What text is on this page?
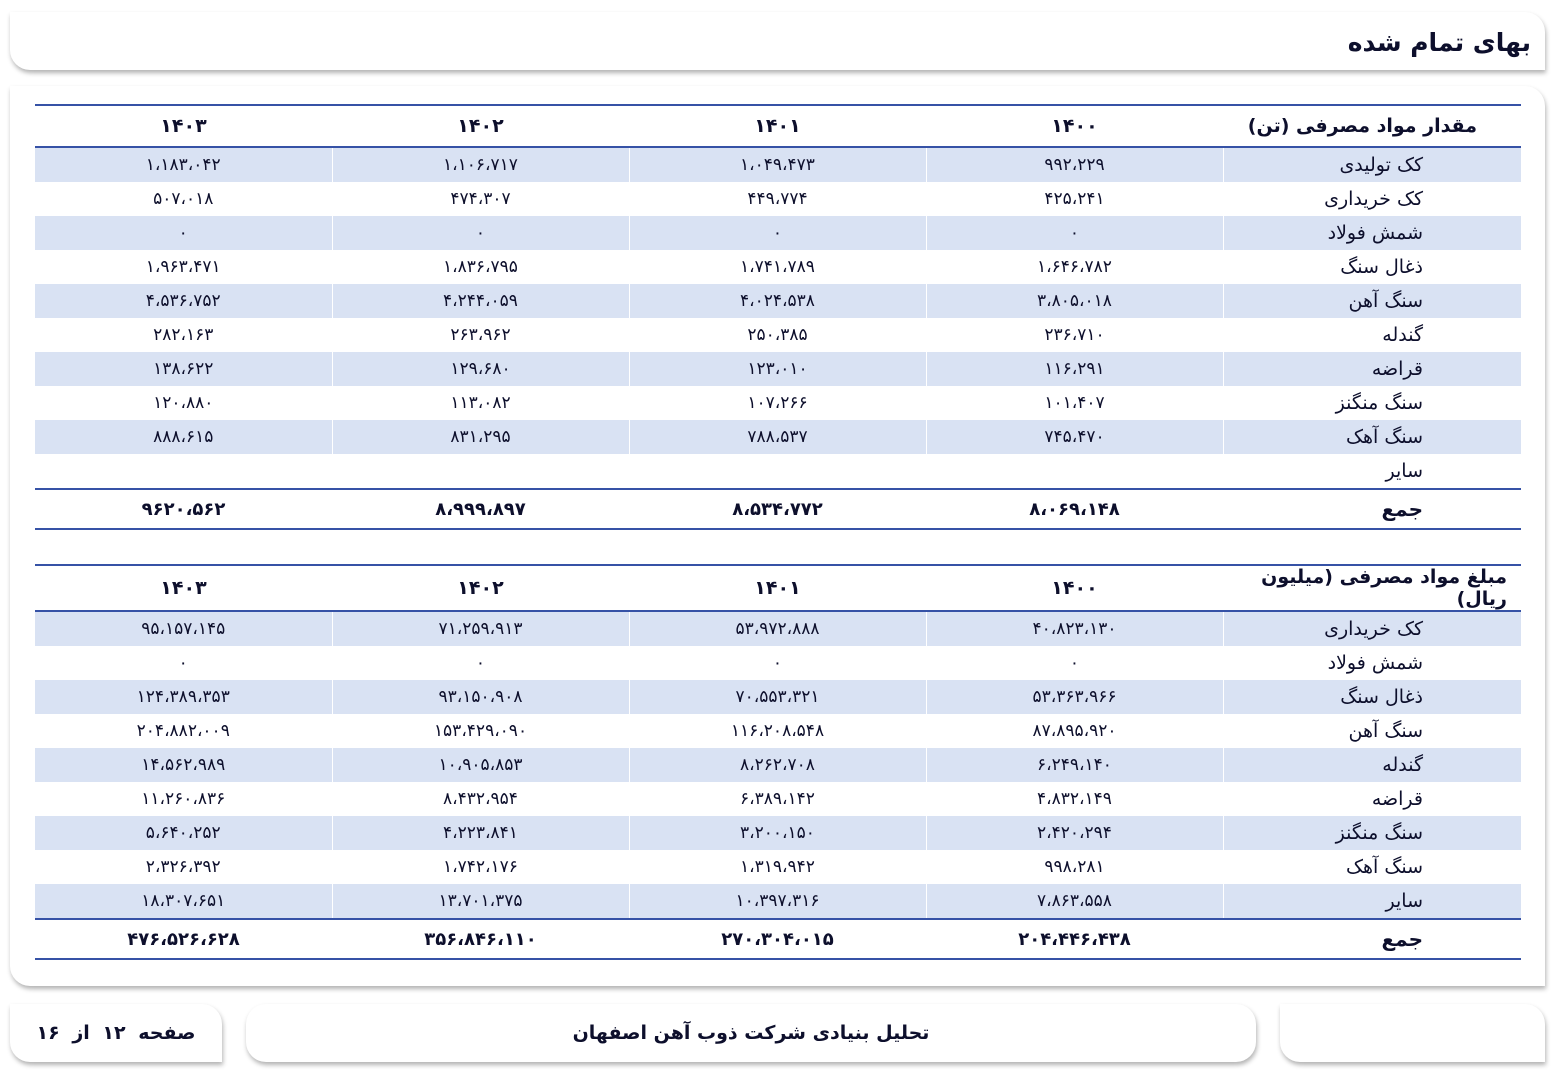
بهای تمام شده
مقدار مواد مصرفی (تن)	۱۴۰۰	۱۴۰۱	۱۴۰۲	۱۴۰۳
کک تولیدی	۹۹۲،۲۲۹	۱،۰۴۹،۴۷۳	۱،۱۰۶،۷۱۷	۱،۱۸۳،۰۴۲
کک خریداری	۴۲۵،۲۴۱	۴۴۹،۷۷۴	۴۷۴،۳۰۷	۵۰۷،۰۱۸
شمش فولاد	۰	۰	۰	۰
ذغال سنگ	۱،۶۴۶،۷۸۲	۱،۷۴۱،۷۸۹	۱،۸۳۶،۷۹۵	۱،۹۶۳،۴۷۱
سنگ آهن	۳،۸۰۵،۰۱۸	۴،۰۲۴،۵۳۸	۴،۲۴۴،۰۵۹	۴،۵۳۶،۷۵۲
گندله	۲۳۶،۷۱۰	۲۵۰،۳۸۵	۲۶۳،۹۶۲	۲۸۲،۱۶۳
قراضه	۱۱۶،۲۹۱	۱۲۳،۰۱۰	۱۲۹،۶۸۰	۱۳۸،۶۲۲
سنگ منگنز	۱۰۱،۴۰۷	۱۰۷،۲۶۶	۱۱۳،۰۸۲	۱۲۰،۸۸۰
سنگ آهک	۷۴۵،۴۷۰	۷۸۸،۵۳۷	۸۳۱،۲۹۵	۸۸۸،۶۱۵
سایر				
جمع	۸،۰۶۹،۱۴۸	۸،۵۳۴،۷۷۲	۸،۹۹۹،۸۹۷	۹۶۲۰،۵۶۲
مبلغ مواد مصرفی (میلیون ریال)	۱۴۰۰	۱۴۰۱	۱۴۰۲	۱۴۰۳
کک خریداری	۴۰،۸۲۳،۱۳۰	۵۳،۹۷۲،۸۸۸	۷۱،۲۵۹،۹۱۳	۹۵،۱۵۷،۱۴۵
شمش فولاد	۰	۰	۰	۰
ذغال سنگ	۵۳،۳۶۳،۹۶۶	۷۰،۵۵۳،۳۲۱	۹۳،۱۵۰،۹۰۸	۱۲۴،۳۸۹،۳۵۳
سنگ آهن	۸۷،۸۹۵،۹۲۰	۱۱۶،۲۰۸،۵۴۸	۱۵۳،۴۲۹،۰۹۰	۲۰۴،۸۸۲،۰۰۹
گندله	۶،۲۴۹،۱۴۰	۸،۲۶۲،۷۰۸	۱۰،۹۰۵،۸۵۳	۱۴،۵۶۲،۹۸۹
قراضه	۴،۸۳۲،۱۴۹	۶،۳۸۹،۱۴۲	۸،۴۳۲،۹۵۴	۱۱،۲۶۰،۸۳۶
سنگ منگنز	۲،۴۲۰،۲۹۴	۳،۲۰۰،۱۵۰	۴،۲۲۳،۸۴۱	۵،۶۴۰،۲۵۲
سنگ آهک	۹۹۸،۲۸۱	۱،۳۱۹،۹۴۲	۱،۷۴۲،۱۷۶	۲،۳۲۶،۳۹۲
سایر	۷،۸۶۳،۵۵۸	۱۰،۳۹۷،۳۱۶	۱۳،۷۰۱،۳۷۵	۱۸،۳۰۷،۶۵۱
جمع	۲۰۴،۴۴۶،۴۳۸	۲۷۰،۳۰۴،۰۱۵	۳۵۶،۸۴۶،۱۱۰	۴۷۶،۵۲۶،۶۲۸
تحلیل بنیادی شرکت ذوب آهن اصفهان
صفحه ۱۲ از ۱۶
